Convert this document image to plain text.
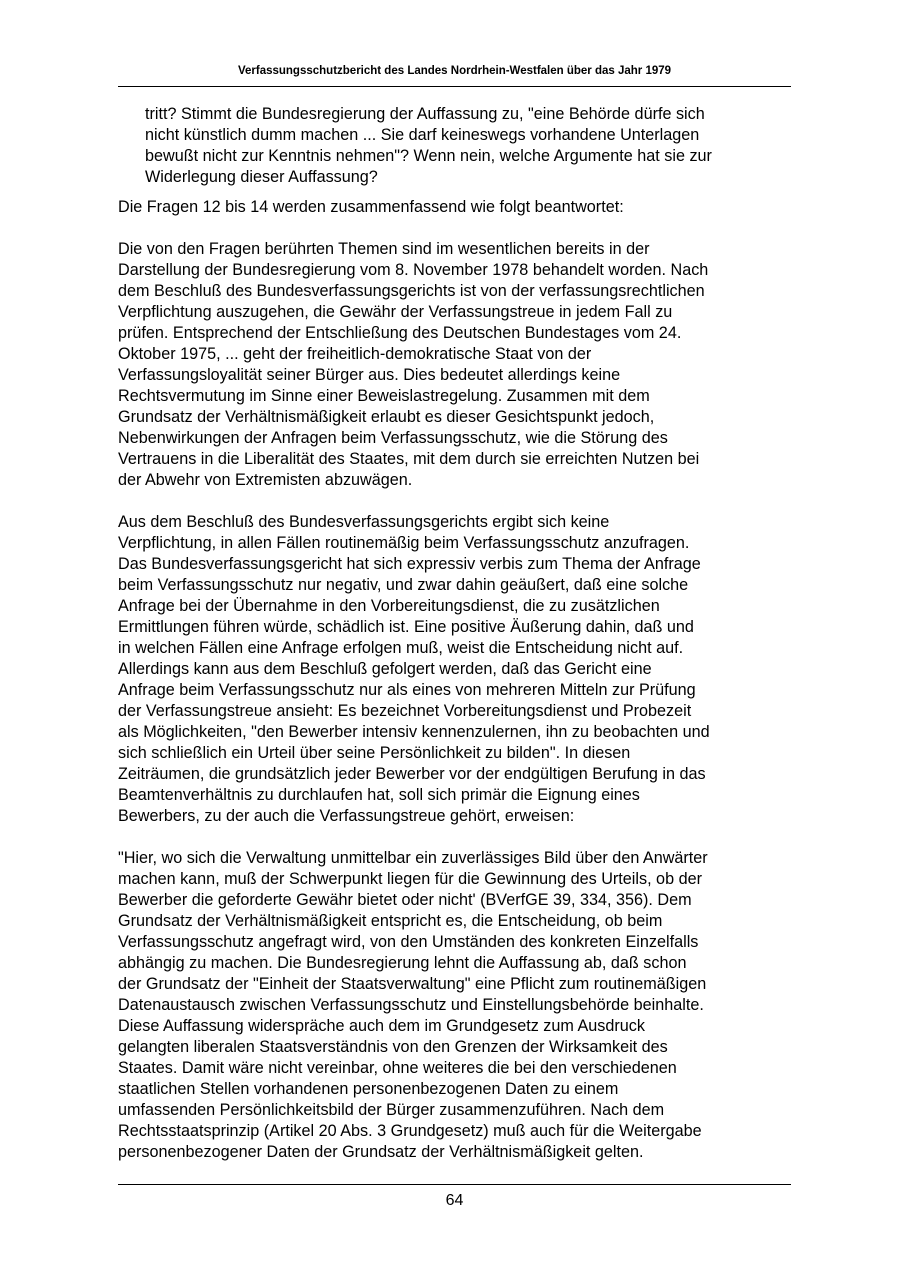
Verfassungsschutzbericht des Landes Nordrhein-Westfalen über das Jahr 1979

tritt? Stimmt die Bundesregierung der Auffassung zu, "eine Behörde dürfe sich
nicht künstlich dumm machen ... Sie darf keineswegs vorhandene Unterlagen
bewußt nicht zur Kenntnis nehmen"? Wenn nein, welche Argumente hat sie zur
Widerlegung dieser Auffassung?

Die Fragen 12 bis 14 werden zusammenfassend wie folgt beantwortet:

Die von den Fragen berührten Themen sind im wesentlichen bereits in der
Darstellung der Bundesregierung vom 8. November 1978 behandelt worden. Nach
dem Beschluß des Bundesverfassungsgerichts ist von der verfassungsrechtlichen
Verpflichtung auszugehen, die Gewähr der Verfassungstreue in jedem Fall zu
prüfen. Entsprechend der Entschließung des Deutschen Bundestages vom 24.
Oktober 1975, ... geht der freiheitlich-demokratische Staat von der
Verfassungsloyalität seiner Bürger aus. Dies bedeutet allerdings keine
Rechtsvermutung im Sinne einer Beweislastregelung. Zusammen mit dem
Grundsatz der Verhältnismäßigkeit erlaubt es dieser Gesichtspunkt jedoch,
Nebenwirkungen der Anfragen beim Verfassungsschutz, wie die Störung des
Vertrauens in die Liberalität des Staates, mit dem durch sie erreichten Nutzen bei
der Abwehr von Extremisten abzuwägen.

Aus dem Beschluß des Bundesverfassungsgerichts ergibt sich keine
Verpflichtung, in allen Fällen routinemäßig beim Verfassungsschutz anzufragen.
Das Bundesverfassungsgericht hat sich expressiv verbis zum Thema der Anfrage
beim Verfassungsschutz nur negativ, und zwar dahin geäußert, daß eine solche
Anfrage bei der Übernahme in den Vorbereitungsdienst, die zu zusätzlichen
Ermittlungen führen würde, schädlich ist. Eine positive Äußerung dahin, daß und
in welchen Fällen eine Anfrage erfolgen muß, weist die Entscheidung nicht auf.
Allerdings kann aus dem Beschluß gefolgert werden, daß das Gericht eine
Anfrage beim Verfassungsschutz nur als eines von mehreren Mitteln zur Prüfung
der Verfassungstreue ansieht: Es bezeichnet Vorbereitungsdienst und Probezeit
als Möglichkeiten, "den Bewerber intensiv kennenzulernen, ihn zu beobachten und
sich schließlich ein Urteil über seine Persönlichkeit zu bilden". In diesen
Zeiträumen, die grundsätzlich jeder Bewerber vor der endgültigen Berufung in das
Beamtenverhältnis zu durchlaufen hat, soll sich primär die Eignung eines
Bewerbers, zu der auch die Verfassungstreue gehört, erweisen:

"Hier, wo sich die Verwaltung unmittelbar ein zuverlässiges Bild über den Anwärter
machen kann, muß der Schwerpunkt liegen für die Gewinnung des Urteils, ob der
Bewerber die geforderte Gewähr bietet oder nicht' (BVerfGE 39, 334, 356). Dem
Grundsatz der Verhältnismäßigkeit entspricht es, die Entscheidung, ob beim
Verfassungsschutz angefragt wird, von den Umständen des konkreten Einzelfalls
abhängig zu machen. Die Bundesregierung lehnt die Auffassung ab, daß schon
der Grundsatz der "Einheit der Staatsverwaltung" eine Pflicht zum routinemäßigen
Datenaustausch zwischen Verfassungsschutz und Einstellungsbehörde beinhalte.
Diese Auffassung widerspräche auch dem im Grundgesetz zum Ausdruck
gelangten liberalen Staatsverständnis von den Grenzen der Wirksamkeit des
Staates. Damit wäre nicht vereinbar, ohne weiteres die bei den verschiedenen
staatlichen Stellen vorhandenen personenbezogenen Daten zu einem
umfassenden Persönlichkeitsbild der Bürger zusammenzuführen. Nach dem
Rechtsstaatsprinzip (Artikel 20 Abs. 3 Grundgesetz) muß auch für die Weitergabe
personenbezogener Daten der Grundsatz der Verhältnismäßigkeit gelten.

64
